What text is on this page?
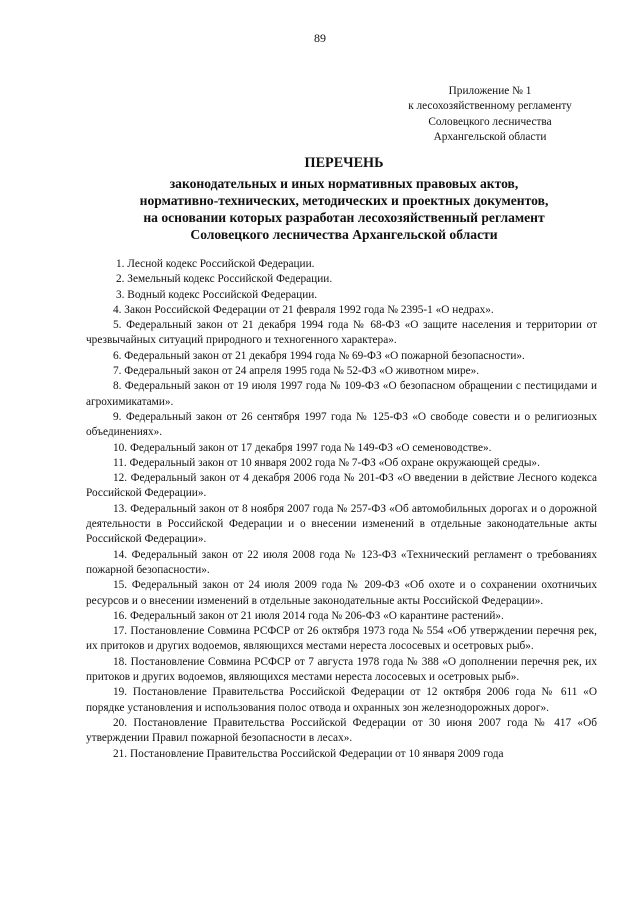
89
Приложение № 1
к лесохозяйственному регламенту
Соловецкого лесничества
Архангельской области
ПЕРЕЧЕНЬ
законодательных и иных нормативных правовых актов,
нормативно-технических, методических и проектных документов,
на основании которых разработан лесохозяйственный регламент
Соловецкого лесничества Архангельской области
1. Лесной кодекс Российской Федерации.
2. Земельный кодекс Российской Федерации.
3. Водный кодекс Российской Федерации.
4. Закон Российской Федерации от 21 февраля 1992 года № 2395-1 «О недрах».
5. Федеральный закон от 21 декабря 1994 года № 68-ФЗ «О защите населения и территории от чрезвычайных ситуаций природного и техногенного характера».
6. Федеральный закон от 21 декабря 1994 года № 69-ФЗ «О пожарной безопасности».
7. Федеральный закон от 24 апреля 1995 года № 52-ФЗ «О животном мире».
8. Федеральный закон от 19 июля 1997 года № 109-ФЗ «О безопасном обращении с пестицидами и агрохимикатами».
9. Федеральный закон от 26 сентября 1997 года № 125-ФЗ «О свободе совести и о религиозных объединениях».
10. Федеральный закон от 17 декабря 1997 года № 149-ФЗ «О семеноводстве».
11. Федеральный закон от 10 января 2002 года № 7-ФЗ «Об охране окружающей среды».
12. Федеральный закон от 4 декабря 2006 года № 201-ФЗ «О введении в действие Лесного кодекса Российской Федерации».
13. Федеральный закон от 8 ноября 2007 года № 257-ФЗ «Об автомобильных дорогах и о дорожной деятельности в Российской Федерации и о внесении изменений в отдельные законодательные акты Российской Федерации».
14. Федеральный закон от 22 июля 2008 года № 123-ФЗ «Технический регламент о требованиях пожарной безопасности».
15. Федеральный закон от 24 июля 2009 года № 209-ФЗ «Об охоте и о сохранении охотничьих ресурсов и о внесении изменений в отдельные законодательные акты Российской Федерации».
16. Федеральный закон от 21 июля 2014 года № 206-ФЗ «О карантине растений».
17. Постановление Совмина РСФСР от 26 октября 1973 года № 554 «Об утверждении перечня рек, их притоков и других водоемов, являющихся местами нереста лососевых и осетровых рыб».
18. Постановление Совмина РСФСР от 7 августа 1978 года № 388 «О дополнении перечня рек, их притоков и других водоемов, являющихся местами нереста лососевых и осетровых рыб».
19. Постановление Правительства Российской Федерации от 12 октября 2006 года № 611 «О порядке установления и использования полос отвода и охранных зон железнодорожных дорог».
20. Постановление Правительства Российской Федерации от 30 июня 2007 года № 417 «Об утверждении Правил пожарной безопасности в лесах».
21. Постановление Правительства Российской Федерации от 10 января 2009 года
